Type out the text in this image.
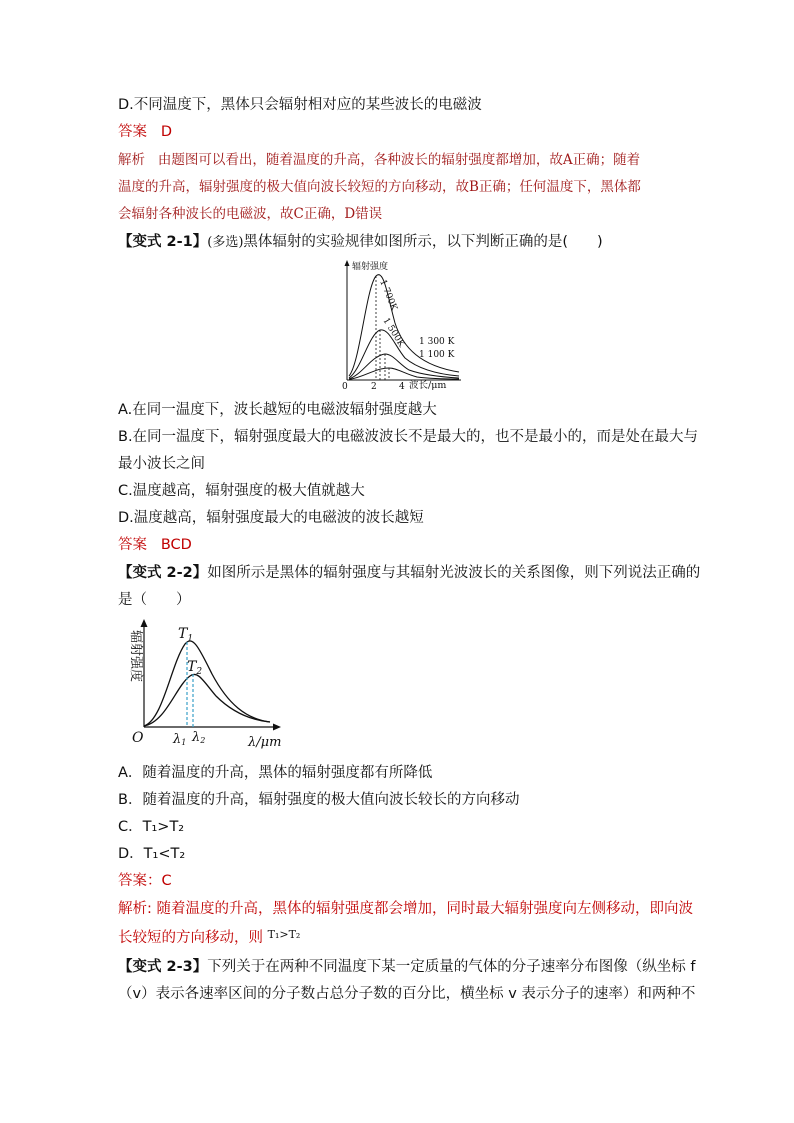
D.不同温度下，黑体只会辐射相对应的某些波长的电磁波
答案 D
解析 由题图可以看出，随着温度的升高，各种波长的辐射强度都增加，故A正确；随着
温度的升高，辐射强度的极大值向波长较短的方向移动，故B正确；任何温度下，黑体都
会辐射各种波长的电磁波，故C正确，D错误
【变式 2-1】(多选)黑体辐射的实验规律如图所示，以下判断正确的是(　　)
辐射强度
0	2 4 波长/μm
1 700K
1 500K 1 300 K
1 100 K
A.在同一温度下，波长越短的电磁波辐射强度越大
B.在同一温度下，辐射强度最大的电磁波波长不是最大的，也不是最小的，而是处在最大与
最小波长之间
C.温度越高，辐射强度的极大值就越大
D.温度越高，辐射强度最大的电磁波的波长越短
答案 BCD
【变式 2-2】如图所示是黑体的辐射强度与其辐射光波波长的关系图像，则下列说法正确的
是（　　）
辐射强度
O	λ/μm
$T_1$
$T_2$
λ1 λ2
A．随着温度的升高，黑体的辐射强度都有所降低
B．随着温度的升高，辐射强度的极大值向波长较长的方向移动
C．T₁>T₂
D．T₁<T₂
答案：C
解析: 随着温度的升高，黑体的辐射强度都会增加，同时最大辐射强度向左侧移动，即向波
长较短的方向移动，则 $^{T_1>T_2}$
【变式 2-3】下列关于在两种不同温度下某一定质量的气体的分子速率分布图像（纵坐标 f
（v）表示各速率区间的分子数占总分子数的百分比，横坐标 v 表示分子的速率）和两种不
